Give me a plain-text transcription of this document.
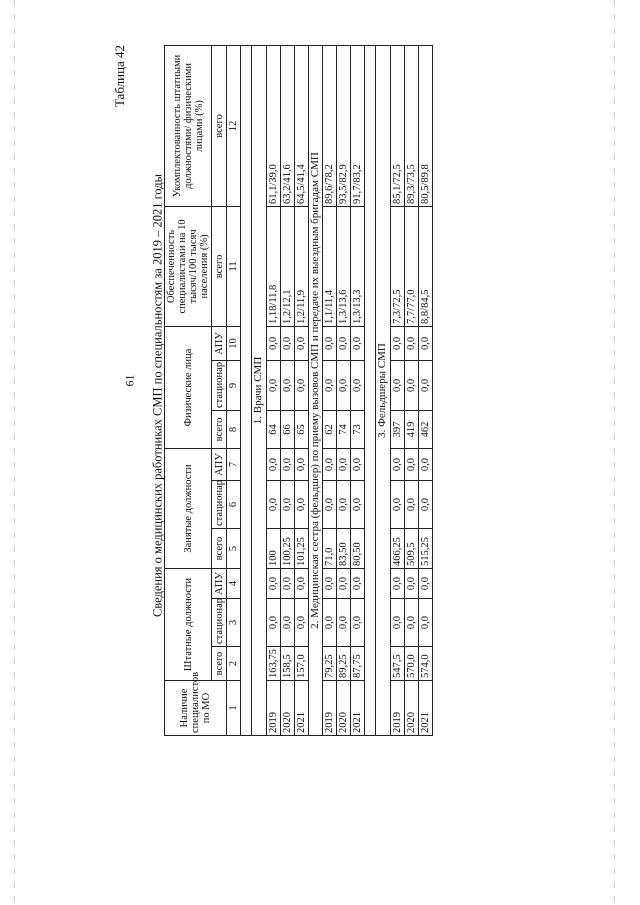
61
Таблица 42
Сведения о медицинских работниках СМП по специальностям за 2019 – 2021 годы
Наличие специалистов по МО	Штатные должности			Занятые должности			Физические лица			Обеспеченность специалистами на 10 тысяч/100 тысяч населения (%)	Укомплектованность штатными должностями/ физическими лицами (%)
	всего	стационар	АПУ	всего	стационар	АПУ	всего	стационар	АПУ	всего	всего
1	2	3	4	5	6	7	8	9	10	11	12

1. Врачи СМП											
2019	163,75	0,0	0,0	100	0,0	0,0	64	0,0	0,0	1,18/11,8	61,1/39,0
2020	158,5	0,0	0,0	100,25	0,0	0,0	66	0,0	0,0	1,2/12,1	63,2/41,6
2021	157,0	0,0	0,0	101,25	0,0	0,0	65	0,0	0,0	1,2/11,9	64,5/41,4
2. Медицинская сестра (фельдшер) по приему вызовов СМП и передаче их выездным бригадам СМП											
2019	79,25	0,0	0,0	71,0	0,0	0,0	62	0,0	0,0	1,1/11,4	89,6/78,2
2020	89,25	0,0	0,0	83,50	0,0	0,0	74	0,0	0,0	1,3/13,6	93,5/82,9
2021	87,75	0,0	0,0	80,50	0,0	0,0	73	0,0	0,0	1,3/13,3	91,7/83,2

3. Фельдшеры СМП											
2019	547,5	0,0	0,0	466,25	0,0	0,0	397	0,0	0,0	7,3/72,5	85,1/72,5
2020	570,0	0,0	0,0	509,5	0,0	0,0	419	0,0	0,0	7,7/77,0	89,3/73,5
2021	574,0	0,0	0,0	515,25	0,0	0,0	462	0,0	0,0	8,8/84,5	80,5/89,8
